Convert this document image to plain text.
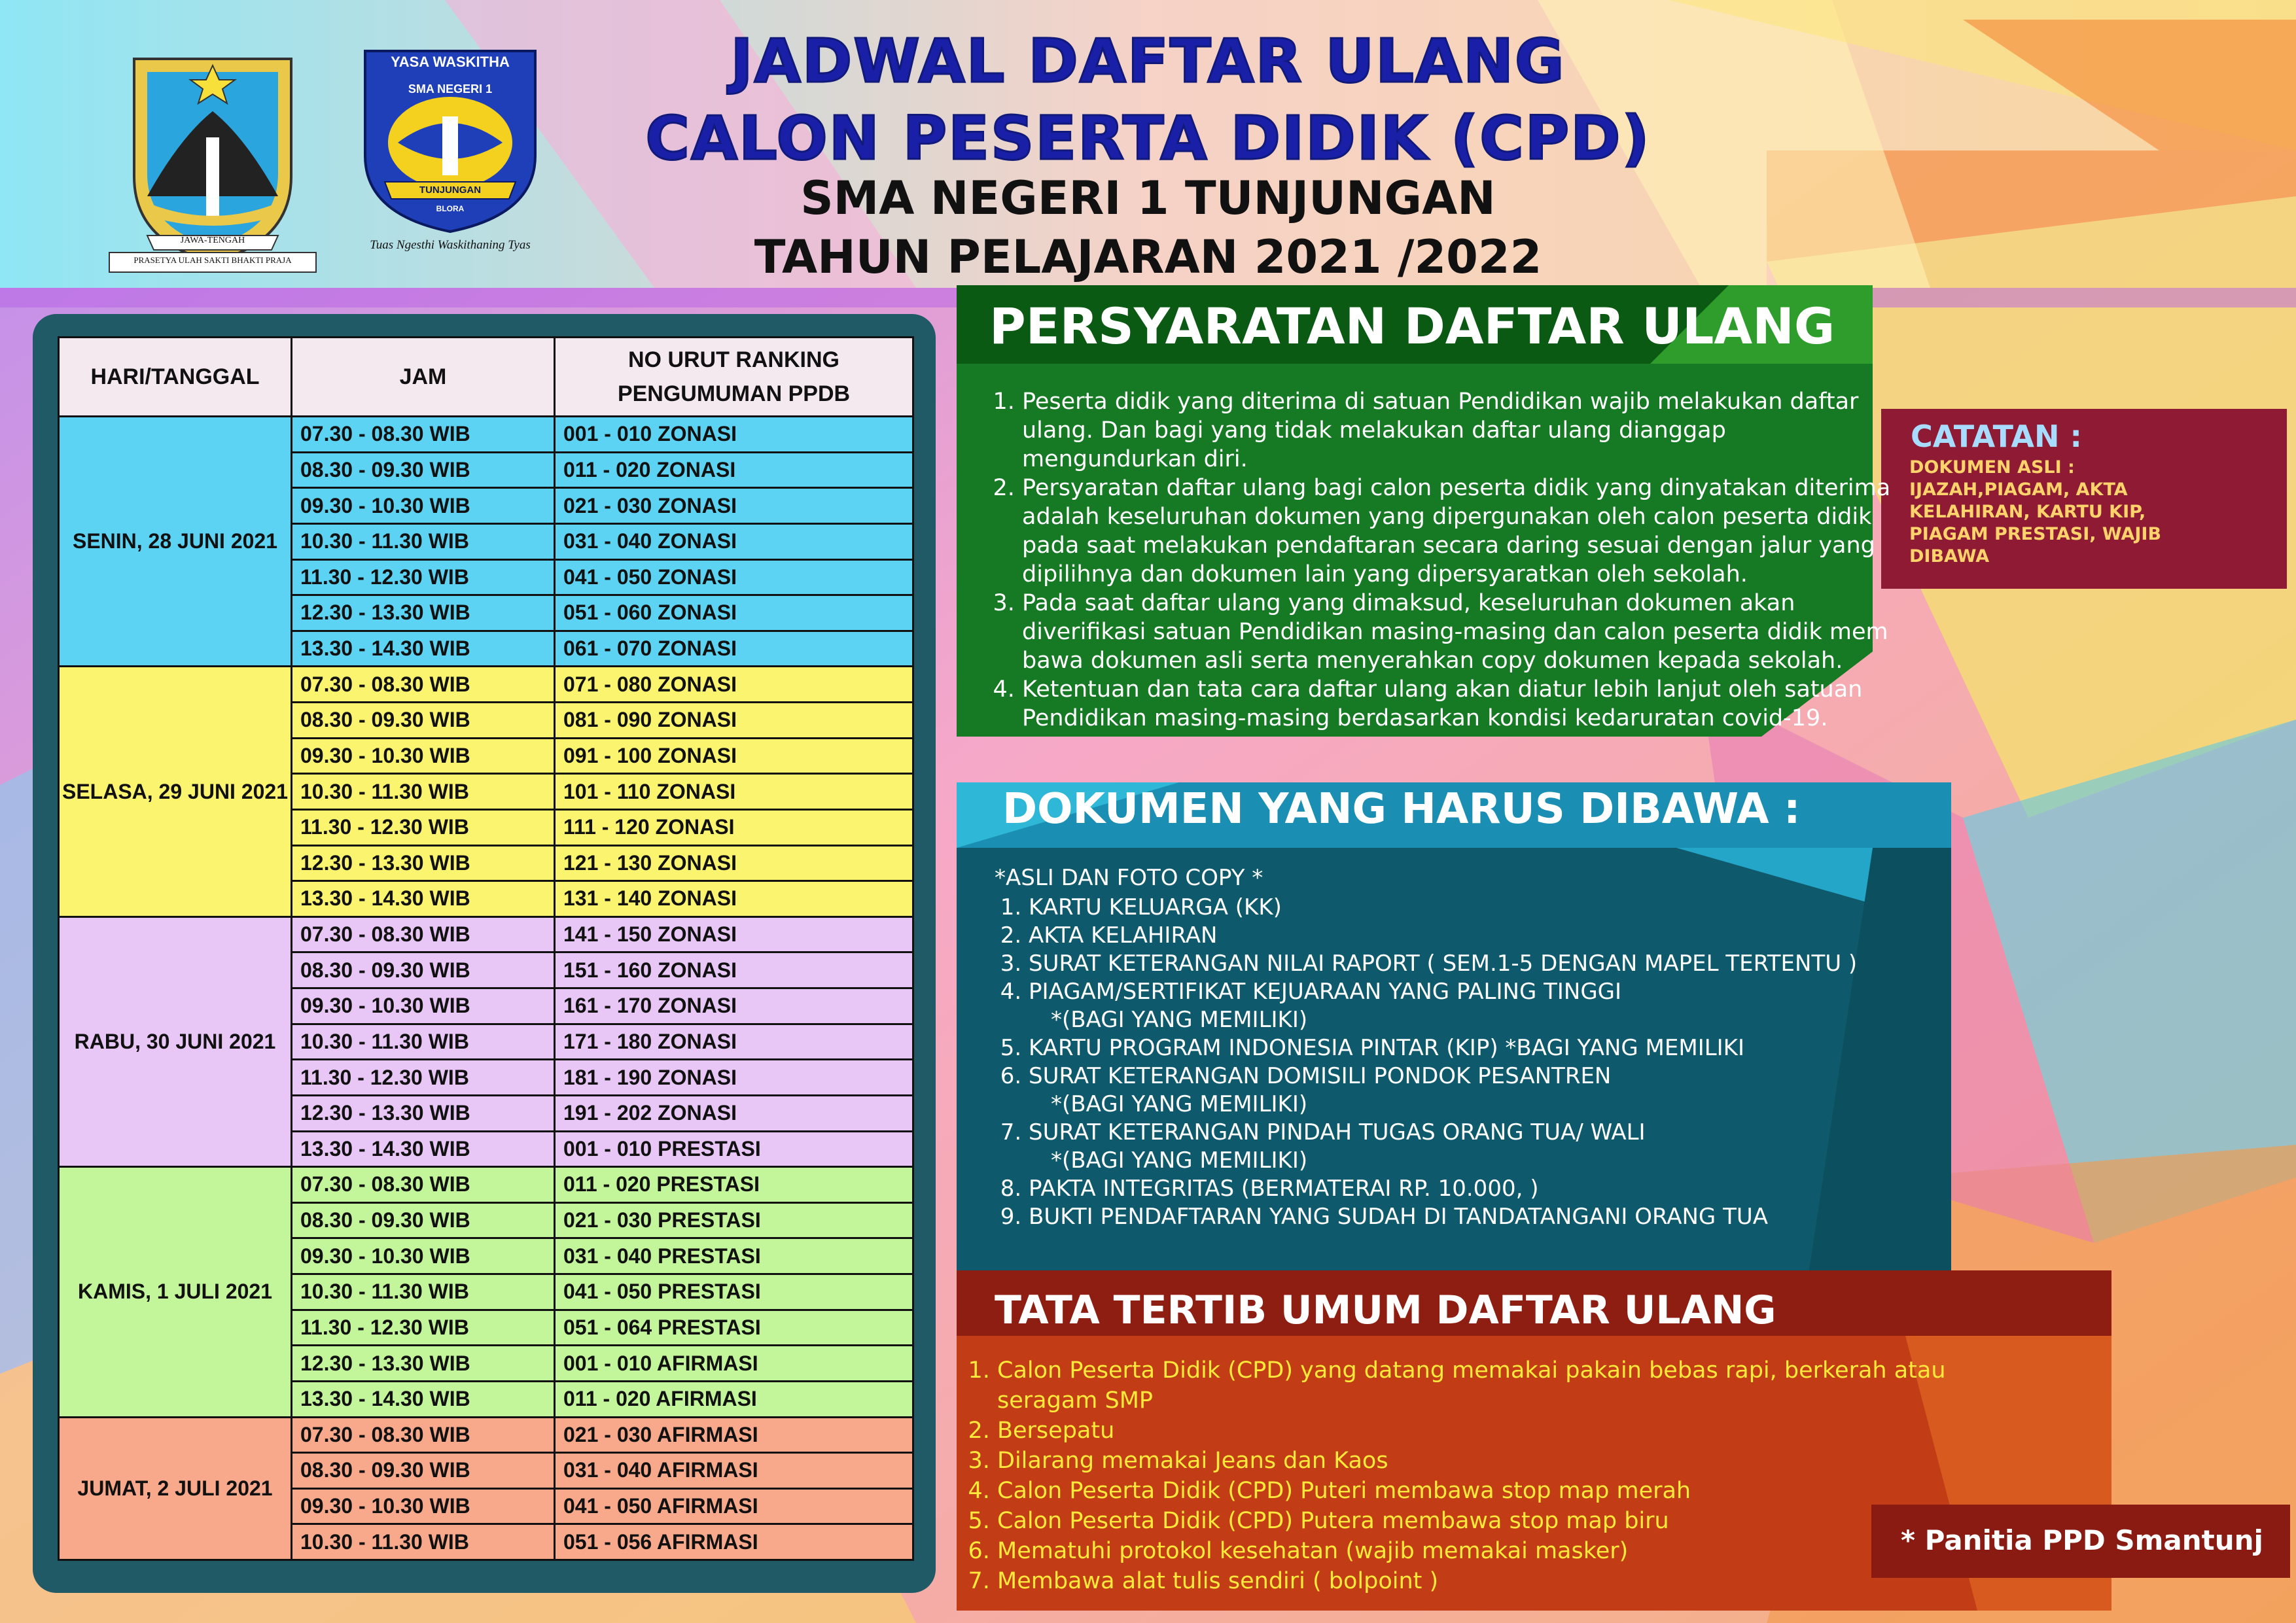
JADWAL DAFTAR ULANG
CALON PESERTA DIDIK (CPD)
SMA NEGERI 1 TUNJUNGAN
TAHUN PELAJARAN 2021 /2022
JAWA-TENGAH
PRASETYA ULAH SAKTI BHAKTI PRAJA
YASA WASKITHA
SMA NEGERI 1
TUNJUNGAN
BLORA
Tuas Ngesthi Waskithaning Tyas
HARI/TANGGAL	JAM	NO URUT RANKING PENGUMUMAN PPDB
SENIN, 28 JUNI 2021	07.30 - 08.30 WIB	001 - 010 ZONASI
	08.30 - 09.30 WIB	011 - 020 ZONASI
	09.30 - 10.30 WIB	021 - 030 ZONASI
	10.30 - 11.30 WIB	031 - 040 ZONASI
	11.30 - 12.30 WIB	041 - 050 ZONASI
	12.30 - 13.30 WIB	051 - 060 ZONASI
	13.30 - 14.30 WIB	061 - 070 ZONASI
SELASA, 29 JUNI 2021	07.30 - 08.30 WIB	071 - 080 ZONASI
	08.30 - 09.30 WIB	081 - 090 ZONASI
	09.30 - 10.30 WIB	091 - 100 ZONASI
	10.30 - 11.30 WIB	101 - 110 ZONASI
	11.30 - 12.30 WIB	111 - 120 ZONASI
	12.30 - 13.30 WIB	121 - 130 ZONASI
	13.30 - 14.30 WIB	131 - 140 ZONASI
RABU, 30 JUNI 2021	07.30 - 08.30 WIB	141 - 150 ZONASI
	08.30 - 09.30 WIB	151 - 160 ZONASI
	09.30 - 10.30 WIB	161 - 170 ZONASI
	10.30 - 11.30 WIB	171 - 180 ZONASI
	11.30 - 12.30 WIB	181 - 190 ZONASI
	12.30 - 13.30 WIB	191 - 202 ZONASI
	13.30 - 14.30 WIB	001 - 010 PRESTASI
KAMIS, 1 JULI 2021	07.30 - 08.30 WIB	011 - 020 PRESTASI
	08.30 - 09.30 WIB	021 - 030 PRESTASI
	09.30 - 10.30 WIB	031 - 040 PRESTASI
	10.30 - 11.30 WIB	041 - 050 PRESTASI
	11.30 - 12.30 WIB	051 - 064 PRESTASI
	12.30 - 13.30 WIB	001 - 010 AFIRMASI
	13.30 - 14.30 WIB	011 - 020 AFIRMASI
JUMAT, 2 JULI 2021	07.30 - 08.30 WIB	021 - 030 AFIRMASI
	08.30 - 09.30 WIB	031 - 040 AFIRMASI
	09.30 - 10.30 WIB	041 - 050 AFIRMASI
	10.30 - 11.30 WIB	051 - 056 AFIRMASI
PERSYARATAN DAFTAR ULANG
1. Peserta didik yang diterima di satuan Pendidikan wajib melakukan daftar ulang. Dan bagi yang tidak melakukan daftar ulang dianggap mengundurkan diri.
2. Persyaratan daftar ulang bagi calon peserta didik yang dinyatakan diterima adalah keseluruhan dokumen yang dipergunakan oleh calon peserta didik pada saat melakukan pendaftaran secara daring sesuai dengan jalur yang dipilihnya dan dokumen lain yang dipersyaratkan oleh sekolah.
3. Pada saat daftar ulang yang dimaksud, keseluruhan dokumen akan diverifikasi satuan Pendidikan masing-masing dan calon peserta didik mem bawa dokumen asli serta menyerahkan copy dokumen kepada sekolah.
4. Ketentuan dan tata cara daftar ulang akan diatur lebih lanjut oleh satuan Pendidikan masing-masing berdasarkan kondisi kedaruratan covid-19.
CATATAN :
DOKUMEN ASLI : IJAZAH,PIAGAM, AKTA KELAHIRAN, KARTU KIP, PIAGAM PRESTASI, WAJIB DIBAWA
DOKUMEN YANG HARUS DIBAWA :
*ASLI DAN FOTO COPY *
1. KARTU KELUARGA (KK)
2. AKTA KELAHIRAN
3. SURAT KETERANGAN NILAI RAPORT ( SEM.1-5 DENGAN MAPEL TERTENTU )
4. PIAGAM/SERTIFIKAT KEJUARAAN YANG PALING TINGGI
*(BAGI YANG MEMILIKI)
5. KARTU PROGRAM INDONESIA PINTAR (KIP) *BAGI YANG MEMILIKI
6. SURAT KETERANGAN DOMISILI PONDOK PESANTREN
*(BAGI YANG MEMILIKI)
7. SURAT KETERANGAN PINDAH TUGAS ORANG TUA/ WALI
*(BAGI YANG MEMILIKI)
8. PAKTA INTEGRITAS (BERMATERAI RP. 10.000, )
9. BUKTI PENDAFTARAN YANG SUDAH DI TANDATANGANI ORANG TUA
TATA TERTIB UMUM DAFTAR ULANG
1. Calon Peserta Didik (CPD) yang datang memakai pakain bebas rapi, berkerah atau seragam SMP
2. Bersepatu
3. Dilarang memakai Jeans dan Kaos
4. Calon Peserta Didik (CPD) Puteri membawa stop map merah
5. Calon Peserta Didik (CPD) Putera membawa stop map biru
6. Mematuhi protokol kesehatan (wajib memakai masker)
7. Membawa alat tulis sendiri ( bolpoint )
* Panitia PPD Smantunj
